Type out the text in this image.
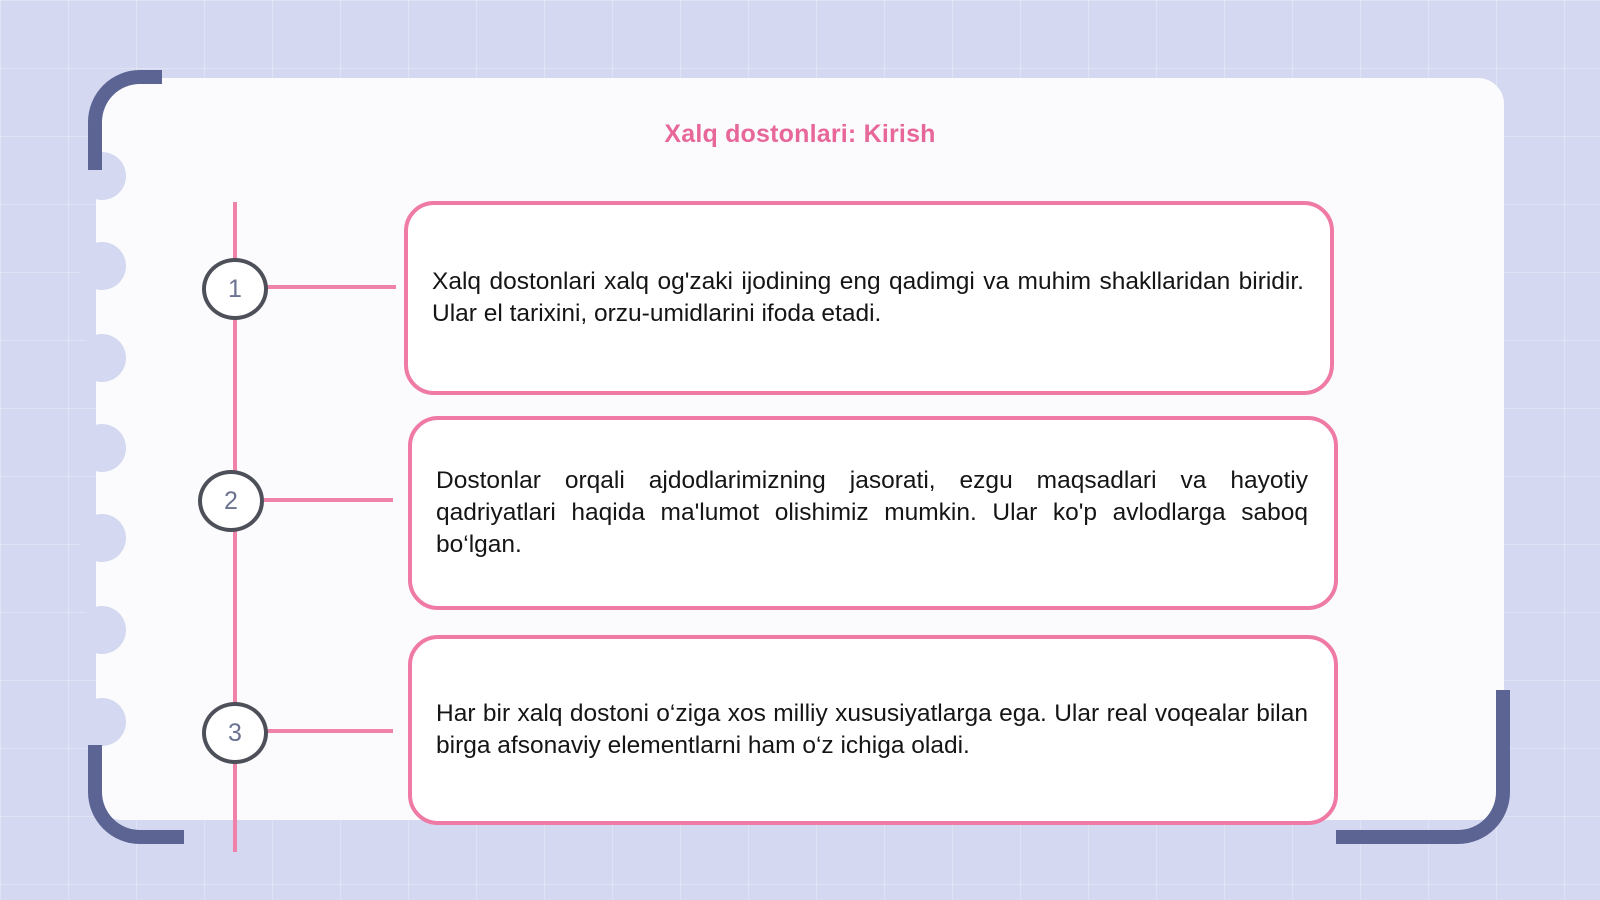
Xalq dostonlari: Kirish
1	Xalq dostonlari xalq og'zaki ijodining eng qadimgi va muhim shakllaridan biridir. Ular el tarixini, orzu-umidlarini ifoda etadi.
2
Dostonlar orqali ajdodlarimizning jasorati, ezgu maqsadlari va hayotiy qadriyatlari haqida ma'lumot olishimiz mumkin. Ular ko'p avlodlarga saboq bo‘lgan.
3
Har bir xalq dostoni o‘ziga xos milliy xususiyatlarga ega. Ular real voqealar bilan birga afsonaviy elementlarni ham o‘z ichiga oladi.
